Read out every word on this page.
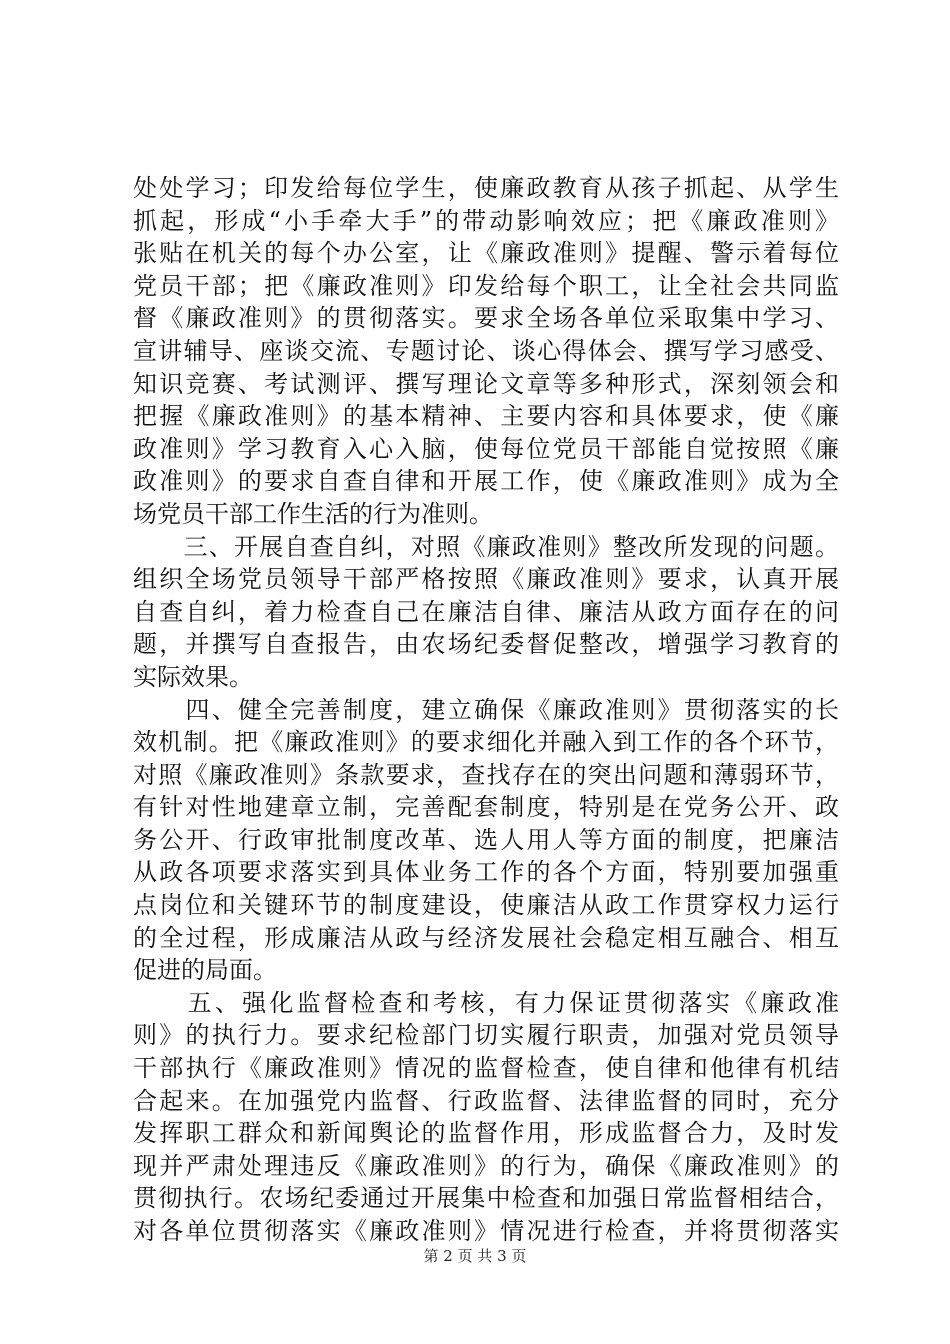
处处学习；印发给每位学生，使廉政教育从孩子抓起、从学生
抓起，形成“小手牵大手”的带动影响效应；把《廉政准则》
张贴在机关的每个办公室，让《廉政准则》提醒、警示着每位
党员干部；把《廉政准则》印发给每个职工，让全社会共同监
督《廉政准则》的贯彻落实。要求全场各单位采取集中学习、
宣讲辅导、座谈交流、专题讨论、谈心得体会、撰写学习感受、
知识竞赛、考试测评、撰写理论文章等多种形式，深刻领会和
把握《廉政准则》的基本精神、主要内容和具体要求，使《廉
政准则》学习教育入心入脑，使每位党员干部能自觉按照《廉
政准则》的要求自查自律和开展工作，使《廉政准则》成为全
场党员干部工作生活的行为准则。
　　三、开展自查自纠，对照《廉政准则》整改所发现的问题。
组织全场党员领导干部严格按照《廉政准则》要求，认真开展
自查自纠，着力检查自己在廉洁自律、廉洁从政方面存在的问
题，并撰写自查报告，由农场纪委督促整改，增强学习教育的
实际效果。
　　四、健全完善制度，建立确保《廉政准则》贯彻落实的长
效机制。把《廉政准则》的要求细化并融入到工作的各个环节，
对照《廉政准则》条款要求，查找存在的突出问题和薄弱环节，
有针对性地建章立制，完善配套制度，特别是在党务公开、政
务公开、行政审批制度改革、选人用人等方面的制度，把廉洁
从政各项要求落实到具体业务工作的各个方面，特别要加强重
点岗位和关键环节的制度建设，使廉洁从政工作贯穿权力运行
的全过程，形成廉洁从政与经济发展社会稳定相互融合、相互
促进的局面。
　　五、强化监督检查和考核，有力保证贯彻落实《廉政准
则》的执行力。要求纪检部门切实履行职责，加强对党员领导
干部执行《廉政准则》情况的监督检查，使自律和他律有机结
合起来。在加强党内监督、行政监督、法律监督的同时，充分
发挥职工群众和新闻舆论的监督作用，形成监督合力，及时发
现并严肃处理违反《廉政准则》的行为，确保《廉政准则》的
贯彻执行。农场纪委通过开展集中检查和加强日常监督相结合，
对各单位贯彻落实《廉政准则》情况进行检查，并将贯彻落实
第 2 页 共 3 页
